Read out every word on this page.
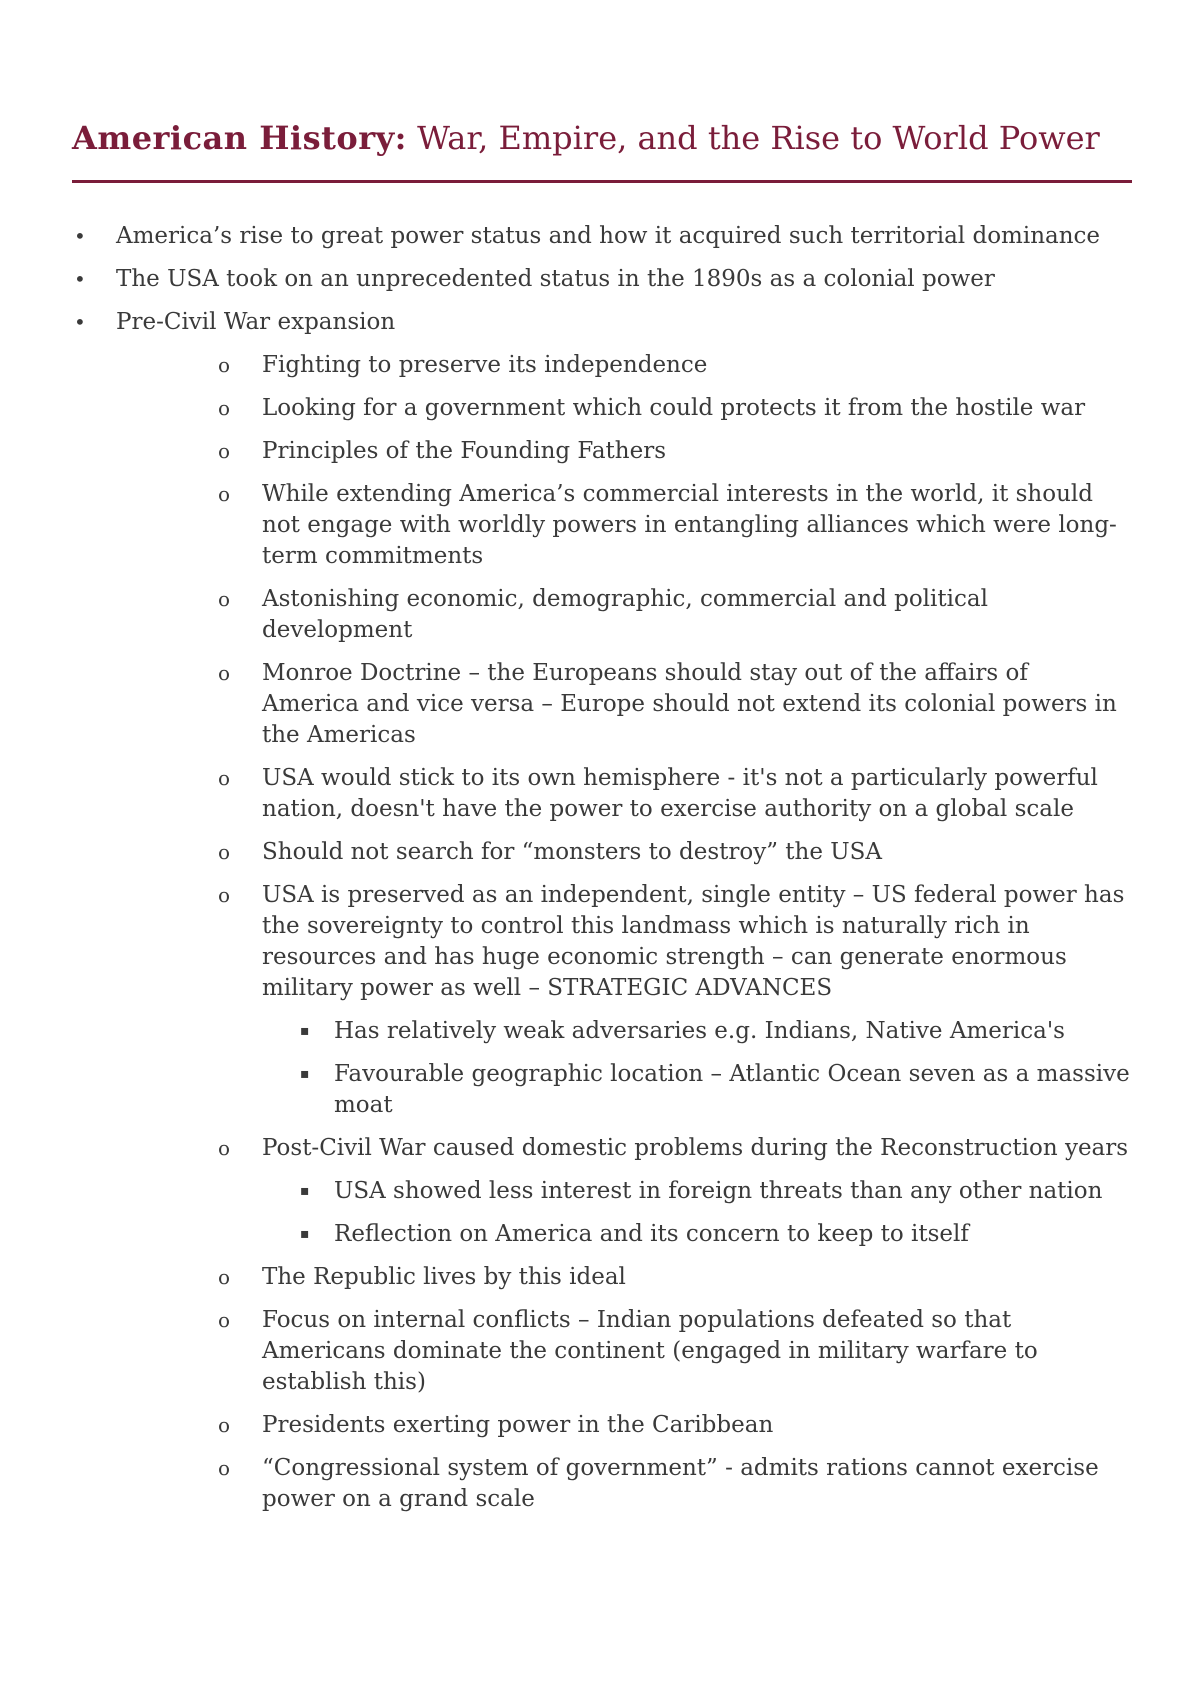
American History: War, Empire, and the Rise to World Power
• America’s rise to great power status and how it acquired such territorial dominance
• The USA took on an unprecedented status in the 1890s as a colonial power
• Pre-Civil War expansion
o Fighting to preserve its independence
o Looking for a government which could protects it from the hostile war
o Principles of the Founding Fathers
o While extending America’s commercial interests in the world, it should not engage with worldly powers in entangling alliances which were long-term commitments
o Astonishing economic, demographic, commercial and political development
o Monroe Doctrine – the Europeans should stay out of the affairs of America and vice versa – Europe should not extend its colonial powers in the Americas
o USA would stick to its own hemisphere - it's not a particularly powerful nation, doesn't have the power to exercise authority on a global scale
o Should not search for “monsters to destroy” the USA
o USA is preserved as an independent, single entity – US federal power has the sovereignty to control this landmass which is naturally rich in resources and has huge economic strength – can generate enormous military power as well – STRATEGIC ADVANCES
▪ Has relatively weak adversaries e.g. Indians, Native America's
▪ Favourable geographic location – Atlantic Ocean seven as a massive moat
o Post-Civil War caused domestic problems during the Reconstruction years
▪ USA showed less interest in foreign threats than any other nation
▪ Reflection on America and its concern to keep to itself
o The Republic lives by this ideal
o Focus on internal conflicts – Indian populations defeated so that Americans dominate the continent (engaged in military warfare to establish this)
o Presidents exerting power in the Caribbean
o “Congressional system of government” - admits rations cannot exercise power on a grand scale
